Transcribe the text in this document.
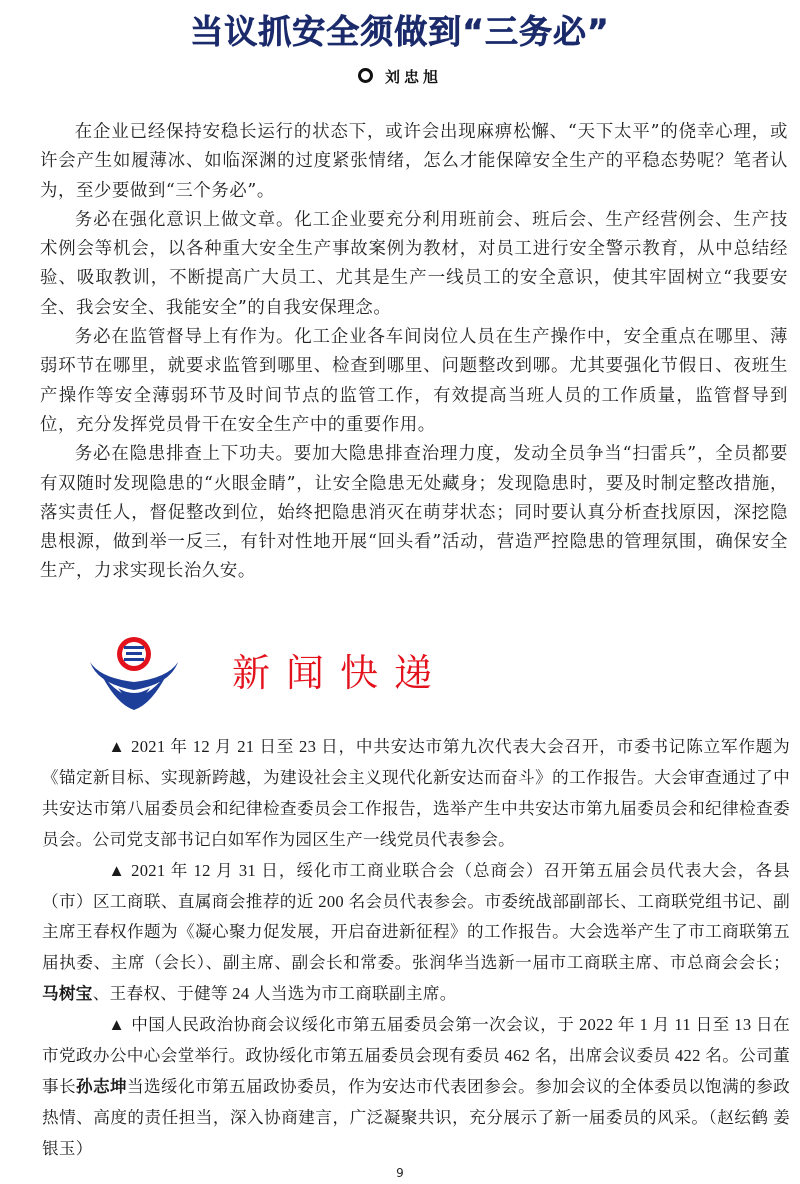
当议抓安全须做到“三务必”
刘忠旭

在企业已经保持安稳长运行的状态下，或许会出现麻痹松懈、“天下太平”的侥幸心理，或许会产生如履薄冰、如临深渊的过度紧张情绪，怎么才能保障安全生产的平稳态势呢？笔者认为，至少要做到“三个务必”。

务必在强化意识上做文章。化工企业要充分利用班前会、班后会、生产经营例会、生产技术例会等机会，以各种重大安全生产事故案例为教材，对员工进行安全警示教育，从中总结经验、吸取教训，不断提高广大员工、尤其是生产一线员工的安全意识，使其牢固树立“我要安全、我会安全、我能安全”的自我安保理念。

务必在监管督导上有作为。化工企业各车间岗位人员在生产操作中，安全重点在哪里、薄弱环节在哪里，就要求监管到哪里、检查到哪里、问题整改到哪。尤其要强化节假日、夜班生产操作等安全薄弱环节及时间节点的监管工作，有效提高当班人员的工作质量，监管督导到位，充分发挥党员骨干在安全生产中的重要作用。

务必在隐患排查上下功夫。要加大隐患排查治理力度，发动全员争当“扫雷兵”，全员都要有双随时发现隐患的“火眼金睛”，让安全隐患无处藏身；发现隐患时，要及时制定整改措施，落实责任人，督促整改到位，始终把隐患消灭在萌芽状态；同时要认真分析查找原因，深挖隐患根源，做到举一反三，有针对性地开展“回头看”活动，营造严控隐患的管理氛围，确保安全生产，力求实现长治久安。

新闻快递

▲ 2021 年 12 月 21 日至 23 日，中共安达市第九次代表大会召开，市委书记陈立军作题为《锚定新目标、实现新跨越，为建设社会主义现代化新安达而奋斗》的工作报告。大会审查通过了中共安达市第八届委员会和纪律检查委员会工作报告，选举产生中共安达市第九届委员会和纪律检查委员会。公司党支部书记白如军作为园区生产一线党员代表参会。

▲ 2021 年 12 月 31 日，绥化市工商业联合会（总商会）召开第五届会员代表大会，各县（市）区工商联、直属商会推荐的近 200 名会员代表参会。市委统战部副部长、工商联党组书记、副主席王春权作题为《凝心聚力促发展，开启奋进新征程》的工作报告。大会选举产生了市工商联第五届执委、主席（会长）、副主席、副会长和常委。张润华当选新一届市工商联主席、市总商会会长；马树宝、王春权、于健等 24 人当选为市工商联副主席。

▲ 中国人民政治协商会议绥化市第五届委员会第一次会议，于 2022 年 1 月 11 日至 13 日在市党政办公中心会堂举行。政协绥化市第五届委员会现有委员 462 名，出席会议委员 422 名。公司董事长孙志坤当选绥化市第五届政协委员，作为安达市代表团参会。参加会议的全体委员以饱满的参政热情、高度的责任担当，深入协商建言，广泛凝聚共识，充分展示了新一届委员的风采。（赵纭鹤 姜银玉）

9
